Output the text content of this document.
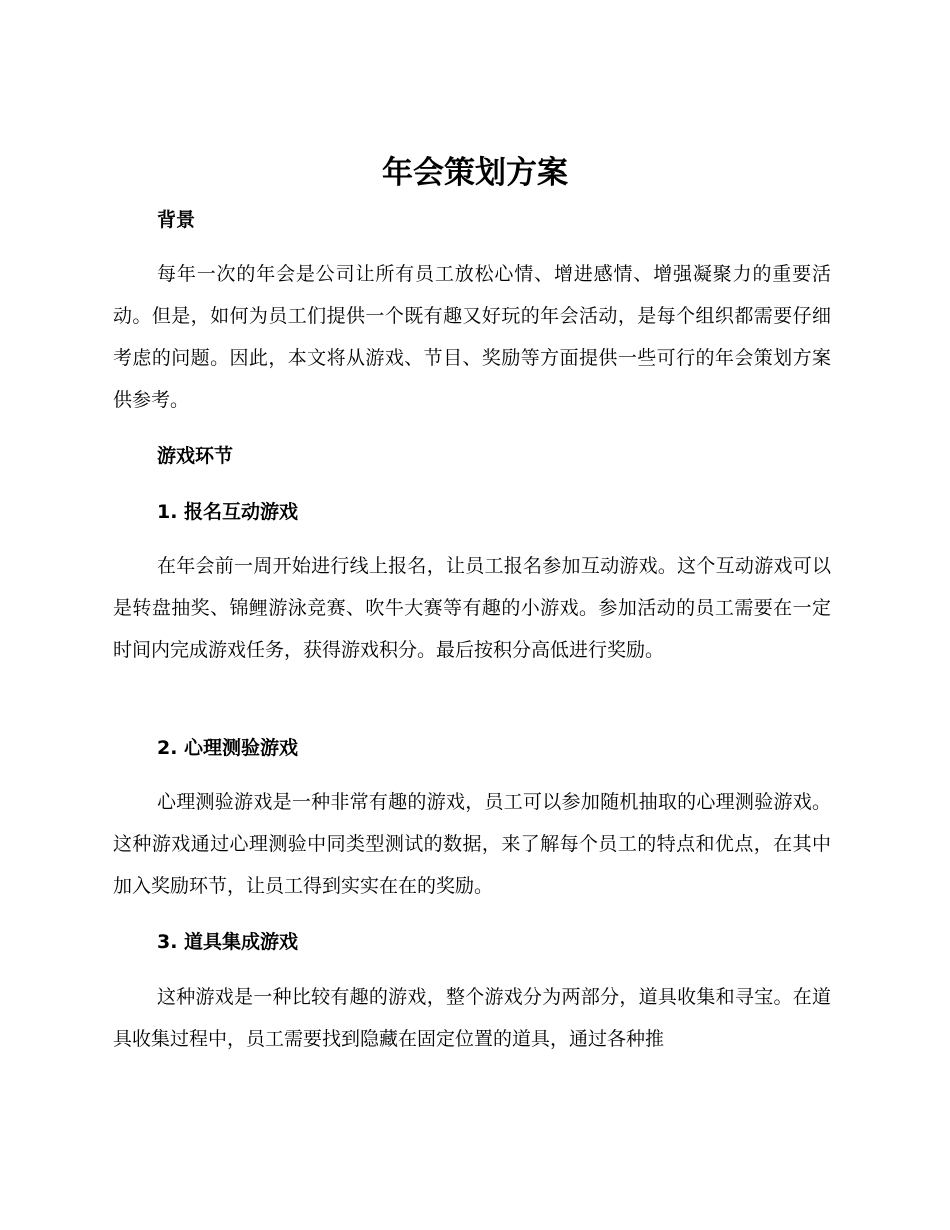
年会策划方案
背景

每年一次的年会是公司让所有员工放松心情、增进感情、增强凝聚力的重要活动。但是，如何为员工们提供一个既有趣又好玩的年会活动，是每个组织都需要仔细考虑的问题。因此，本文将从游戏、节目、奖励等方面提供一些可行的年会策划方案供参考。

游戏环节
1. 报名互动游戏

在年会前一周开始进行线上报名，让员工报名参加互动游戏。这个互动游戏可以是转盘抽奖、锦鲤游泳竞赛、吹牛大赛等有趣的小游戏。参加活动的员工需要在一定时间内完成游戏任务，获得游戏积分。最后按积分高低进行奖励。

2. 心理测验游戏

心理测验游戏是一种非常有趣的游戏，员工可以参加随机抽取的心理测验游戏。这种游戏通过心理测验中同类型测试的数据，来了解每个员工的特点和优点，在其中加入奖励环节，让员工得到实实在在的奖励。

3. 道具集成游戏

这种游戏是一种比较有趣的游戏，整个游戏分为两部分，道具收集和寻宝。在道具收集过程中，员工需要找到隐藏在固定位置的道具，通过各种推
